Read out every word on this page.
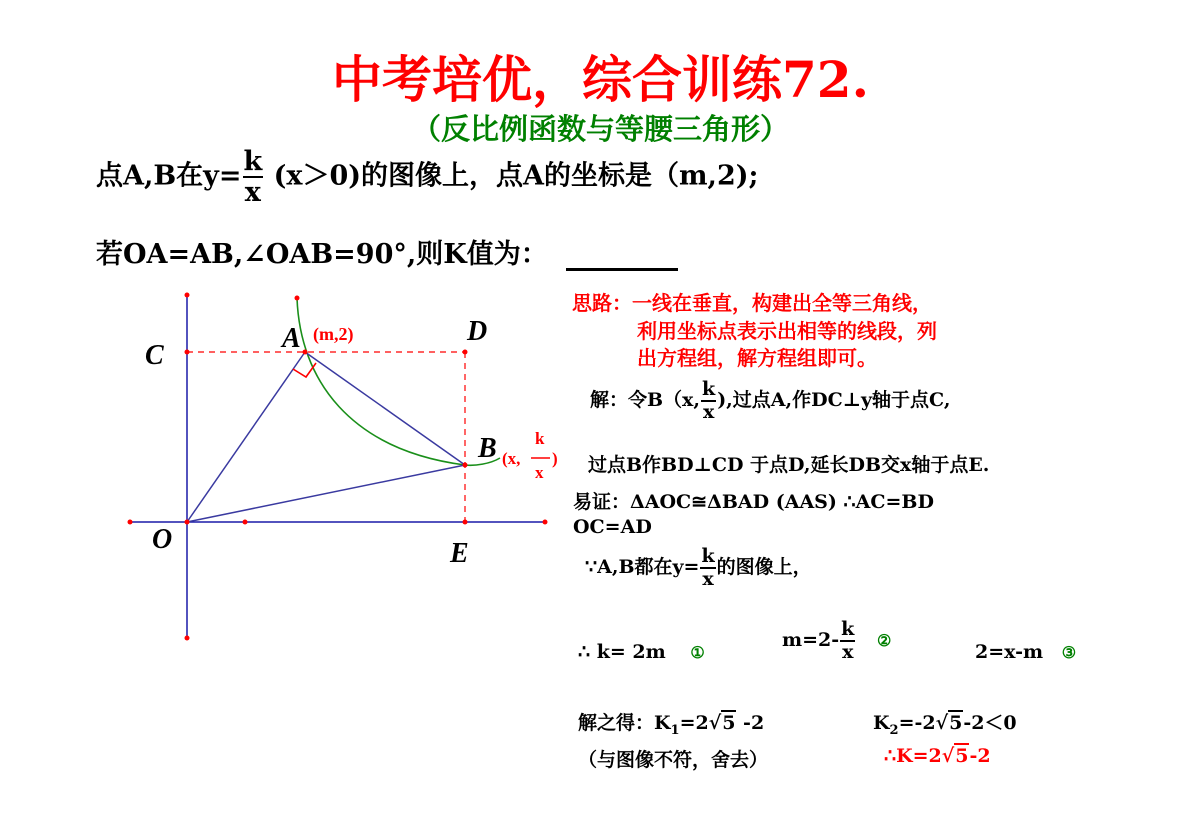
中考培优，综合训练72.
（反比例函数与等腰三角形）
点A,B在$y= \frac{k}{x} (x>0)$的图像上，点A的坐标是（m,2);
若OA=AB,∠OAB=90°,则K值为：
C
A (m,2)	D
B (x,
k
x
)
O	E
思路：一线在垂直，构建出全等三角线，
利用坐标点表示出相等的线段，列
出方程组，解方程组即可。
解：令B（x, $\frac{k}{x}$ ),过点A,作DC⊥y轴于点C,
过点B作BD⊥CD 于点D,延长DB交x轴于点E.
易证：ΔAOC≅ΔBAD (AAS) ∴AC=BD
OC=AD
∵A,B都在$y= \frac{k}{x}$ 的图像上，
∴ k= 2m ①
$m=2- \frac{k}{x}$ ②
2=x-m ③
解之得：$K_1=2√5$ -2	$K_2=-2√5-2<0$
（与图像不符，舍去）	∴K=2√5-2
